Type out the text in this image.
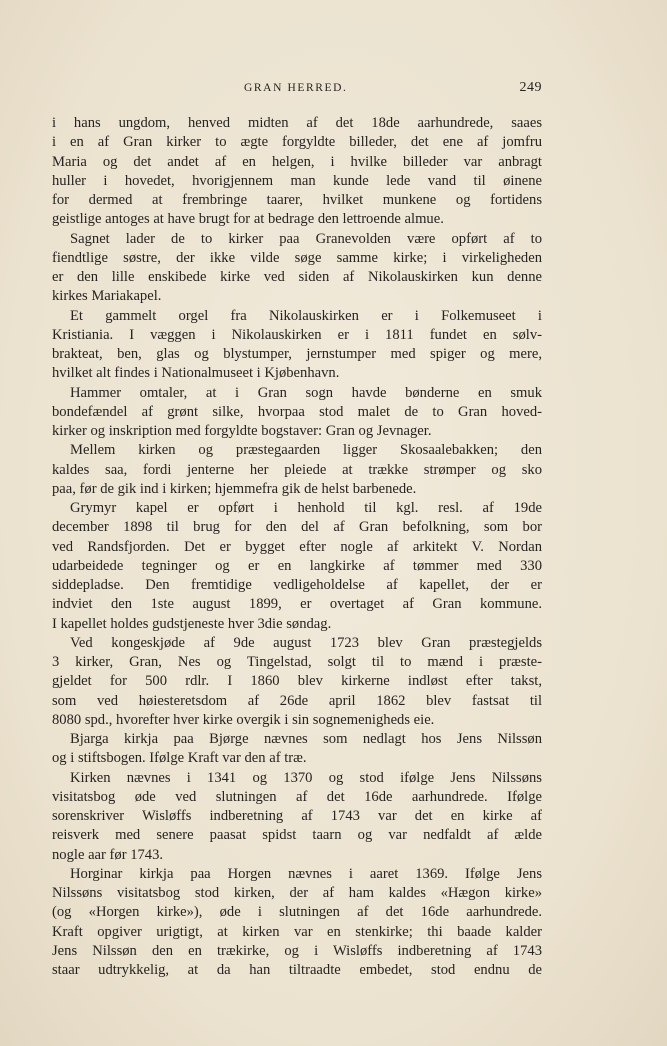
GRAN HERRED.	249
i hans ungdom, henved midten af det 18de aarhundrede, saaes
i en af Gran kirker to ægte forgyldte billeder, det ene af jomfru
Maria og det andet af en helgen, i hvilke billeder var anbragt
huller i hovedet, hvorigjennem man kunde lede vand til øinene
for dermed at frembringe taarer, hvilket munkene og fortidens
geistlige antoges at have brugt for at bedrage den lettroende almue.
Sagnet lader de to kirker paa Granevolden være opført af to
fiendtlige søstre, der ikke vilde søge samme kirke; i virkeligheden
er den lille enskibede kirke ved siden af Nikolauskirken kun denne
kirkes Mariakapel.
Et gammelt orgel fra Nikolauskirken er i Folkemuseet i
Kristiania. I væggen i Nikolauskirken er i 1811 fundet en sølv-
brakteat, ben, glas og blystumper, jernstumper med spiger og mere,
hvilket alt findes i Nationalmuseet i Kjøbenhavn.
Hammer omtaler, at i Gran sogn havde bønderne en smuk
bondefændel af grønt silke, hvorpaa stod malet de to Gran hoved-
kirker og inskription med forgyldte bogstaver: Gran og Jevnager.
Mellem kirken og præstegaarden ligger Skosaalebakken; den
kaldes saa, fordi jenterne her pleiede at trække strømper og sko
paa, før de gik ind i kirken; hjemmefra gik de helst barbenede.
Grymyr kapel er opført i henhold til kgl. resl. af 19de
december 1898 til brug for den del af Gran befolkning, som bor
ved Randsfjorden. Det er bygget efter nogle af arkitekt V. Nordan
udarbeidede tegninger og er en langkirke af tømmer med 330
siddepladse. Den fremtidige vedligeholdelse af kapellet, der er
indviet den 1ste august 1899, er overtaget af Gran kommune.
I kapellet holdes gudstjeneste hver 3die søndag.
Ved kongeskjøde af 9de august 1723 blev Gran præstegjelds
3 kirker, Gran, Nes og Tingelstad, solgt til to mænd i præste-
gjeldet for 500 rdlr. I 1860 blev kirkerne indløst efter takst,
som ved høiesteretsdom af 26de april 1862 blev fastsat til
8080 spd., hvorefter hver kirke overgik i sin sognemenigheds eie.
Bjarga kirkja paa Bjørge nævnes som nedlagt hos Jens Nilssøn
og i stiftsbogen. Ifølge Kraft var den af træ.
Kirken nævnes i 1341 og 1370 og stod ifølge Jens Nilssøns
visitatsbog øde ved slutningen af det 16de aarhundrede. Ifølge
sorenskriver Wisløffs indberetning af 1743 var det en kirke af
reisverk med senere paasat spidst taarn og var nedfaldt af ælde
nogle aar før 1743.
Horginar kirkja paa Horgen nævnes i aaret 1369. Ifølge Jens
Nilssøns visitatsbog stod kirken, der af ham kaldes «Hægon kirke»
(og «Horgen kirke»), øde i slutningen af det 16de aarhundrede.
Kraft opgiver urigtigt, at kirken var en stenkirke; thi baade kalder
Jens Nilssøn den en trækirke, og i Wisløffs indberetning af 1743
staar udtrykkelig, at da han tiltraadte embedet, stod endnu de
